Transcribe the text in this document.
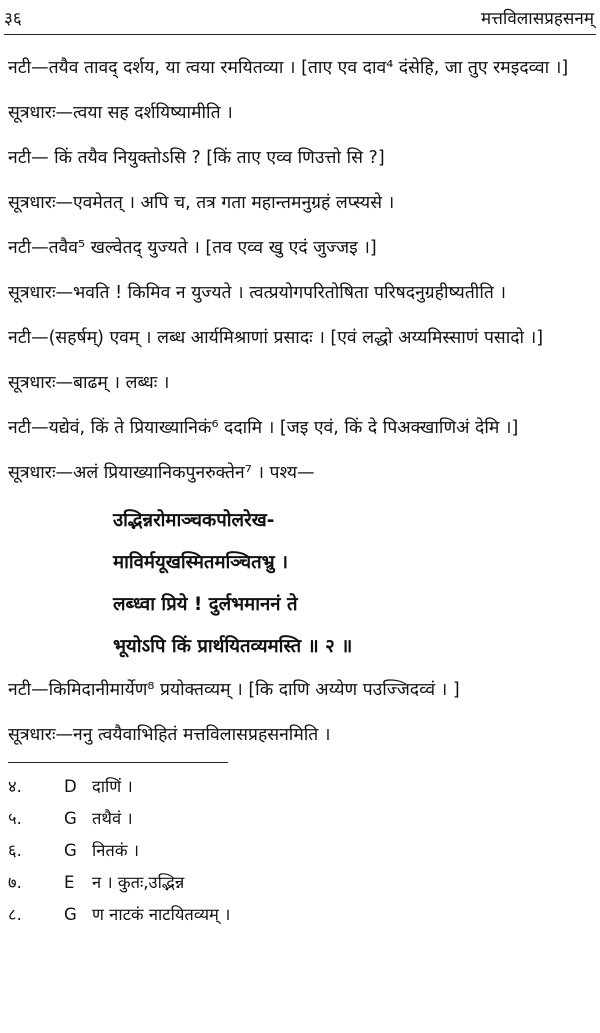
३६	मत्तविलासप्रहसनम्

नटी—तयैव तावद् दर्शय, या त्वया रमयितव्या । [ताए एव दाव⁴ दंसेहि, जा तुए रमइदव्वा ।]

सूत्रधारः—त्वया सह दर्शयिष्यामीति ।

नटी— किं तयैव नियुक्तोऽसि ? [किं ताए एव्व णिउत्तो सि ?]

सूत्रधारः—एवमेतत् । अपि च, तत्र गता महान्तमनुग्रहं लप्स्यसे ।

नटी—तवैव⁵ खल्वेतद् युज्यते । [तव एव्व खु एदं जुज्जइ ।]

सूत्रधारः—भवति ! किमिव न युज्यते । त्वत्प्रयोगपरितोषिता परिषदनुग्रहीष्यतीति ।

नटी—(सहर्षम्) एवम् । लब्ध आर्यमिश्राणां प्रसादः । [एवं लद्धो अय्यमिस्साणं पसादो ।]

सूत्रधारः—बाढम् । लब्धः ।

नटी—यद्येवं, किं ते प्रियाख्यानिकं⁶ ददामि । [जइ एवं, किं दे पिअक्खाणिअं देमि ।]

सूत्रधारः—अलं प्रियाख्यानिकपुनरुक्तेन⁷ । पश्य—

उद्भिन्नरोमाञ्चकपोलरेख-
माविर्मयूखस्मितमञ्चितभ्रु ।
लब्ध्वा प्रिये ! दुर्लभमाननं ते
भूयोऽपि किं प्रार्थयितव्यमस्ति ॥ २ ॥

नटी—किमिदानीमार्येण⁸ प्रयोक्तव्यम् । [कि दाणि अय्येण पउज्जिदव्वं । ]

सूत्रधारः—ननु त्वयैवाभिहितं मत्तविलासप्रहसनमिति ।

४.	D दाणिं ।
५.	G तथैवं ।
६.	G नितकं ।
७.	E	न । कुतः,उद्भिन्न
८.	G ण नाटकं नाटयितव्यम् ।
